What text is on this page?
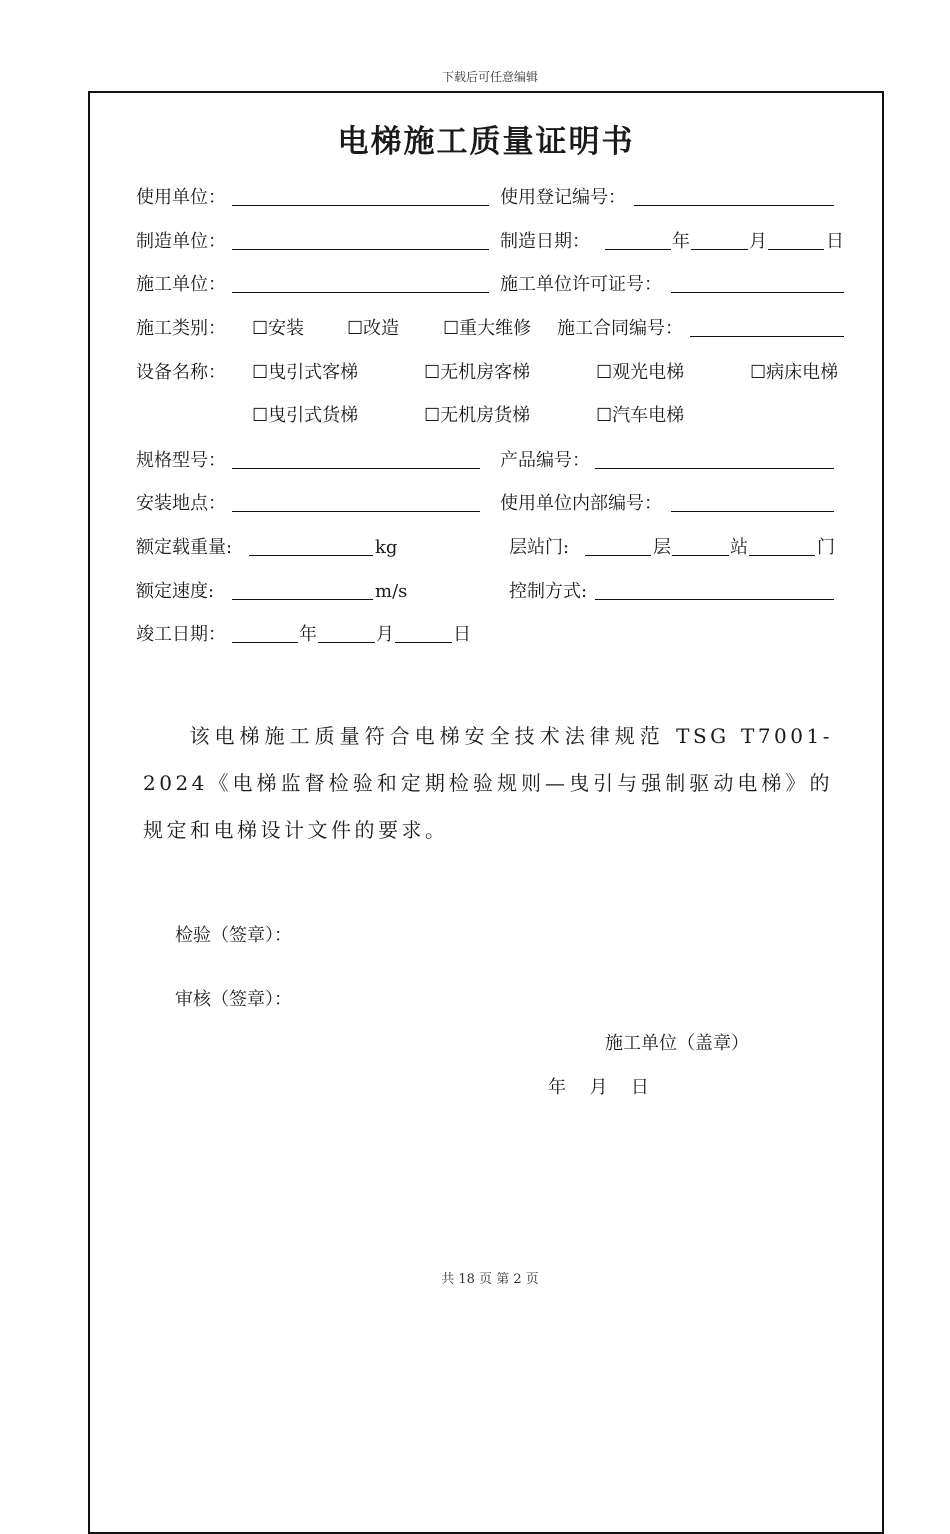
下载后可任意编辑
电梯施工质量证明书
使用单位：	使用登记编号：
制造单位：	制造日期：	年	月	日
施工单位：	施工单位许可证号：
施工类别： ☐安装 ☐改造 ☐重大维修 施工合同编号：
设备名称： ☐曳引式客梯	☐无机房客梯	☐观光电梯	☐病床电梯
☐曳引式货梯	☐无机房货梯	☐汽车电梯
规格型号：	产品编号：
安装地点：	使用单位内部编号：
额定载重量:	kg	层站门:	层	站	门
额定速度:	m/s	控制方式:
竣工日期：	年	月	日
该电梯施工质量符合电梯安全技术法律规范 TSG T7001-2024《电梯监督检验和定期检验规则—曳引与强制驱动电梯》的规定和电梯设计文件的要求。
检验（签章）：
审核（签章）：
施工单位（盖章）
年  月  日
共 18 页 第 2 页
